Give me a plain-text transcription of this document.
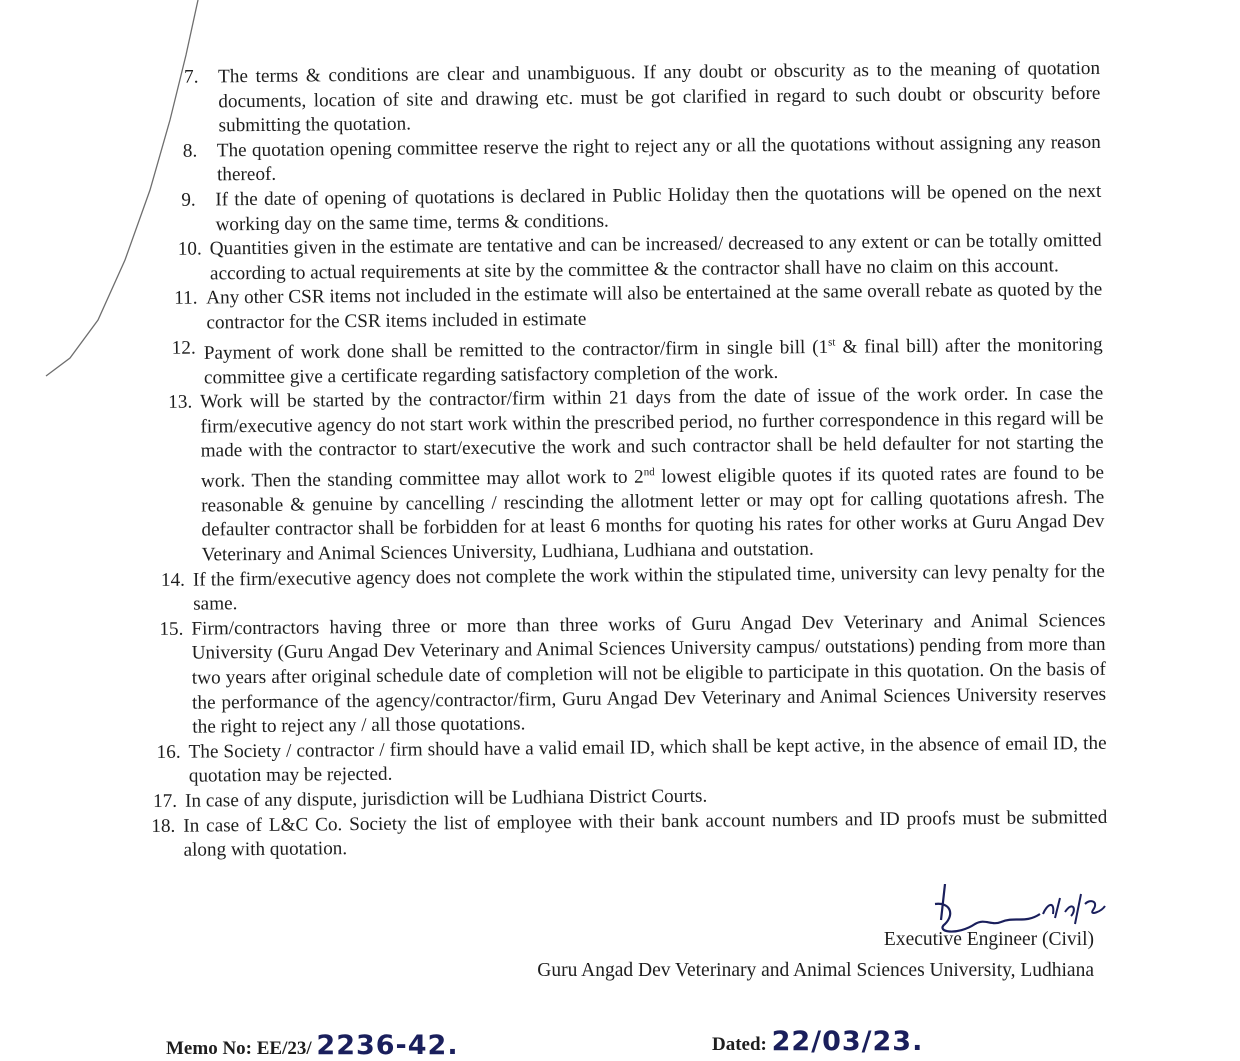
7.	The terms & conditions are clear and unambiguous. If any doubt or obscurity as to the meaning of quotation documents, location of site and drawing etc. must be got clarified in regard to such doubt or obscurity before submitting the quotation.
8.	The quotation opening committee reserve the right to reject any or all the quotations without assigning any reason thereof.
9.	If the date of opening of quotations is declared in Public Holiday then the quotations will be opened on the next working day on the same time, terms & conditions.
10. Quantities given in the estimate are tentative and can be increased/ decreased to any extent or can be totally omitted according to actual requirements at site by the committee & the contractor shall have no claim on this account.
11. Any other CSR items not included in the estimate will also be entertained at the same overall rebate as quoted by the contractor for the CSR items included in estimate
12. Payment of work done shall be remitted to the contractor/firm in single bill (1st & final bill) after the monitoring committee give a certificate regarding satisfactory completion of the work.
13. Work will be started by the contractor/firm within 21 days from the date of issue of the work order. In case the firm/executive agency do not start work within the prescribed period, no further correspondence in this regard will be made with the contractor to start/executive the work and such contractor shall be held defaulter for not starting the work. Then the standing committee may allot work to 2nd lowest eligible quotes if its quoted rates are found to be reasonable & genuine by cancelling / rescinding the allotment letter or may opt for calling quotations afresh. The defaulter contractor shall be forbidden for at least 6 months for quoting his rates for other works at Guru Angad Dev Veterinary and Animal Sciences University, Ludhiana, Ludhiana and outstation.
14. If the firm/executive agency does not complete the work within the stipulated time, university can levy penalty for the same.
15. Firm/contractors having three or more than three works of Guru Angad Dev Veterinary and Animal Sciences University (Guru Angad Dev Veterinary and Animal Sciences University campus/ outstations) pending from more than two years after original schedule date of completion will not be eligible to participate in this quotation. On the basis of the performance of the agency/contractor/firm, Guru Angad Dev Veterinary and Animal Sciences University reserves the right to reject any / all those quotations.
16. The Society / contractor / firm should have a valid email ID, which shall be kept active, in the absence of email ID, the quotation may be rejected.
17. In case of any dispute, jurisdiction will be Ludhiana District Courts.
18. In case of L&C Co. Society the list of employee with their bank account numbers and ID proofs must be submitted along with quotation.
Executive Engineer (Civil)
Guru Angad Dev Veterinary and Animal Sciences University, Ludhiana
Memo No: EE/23/ 2236-42.	Dated: 22/03/23.
